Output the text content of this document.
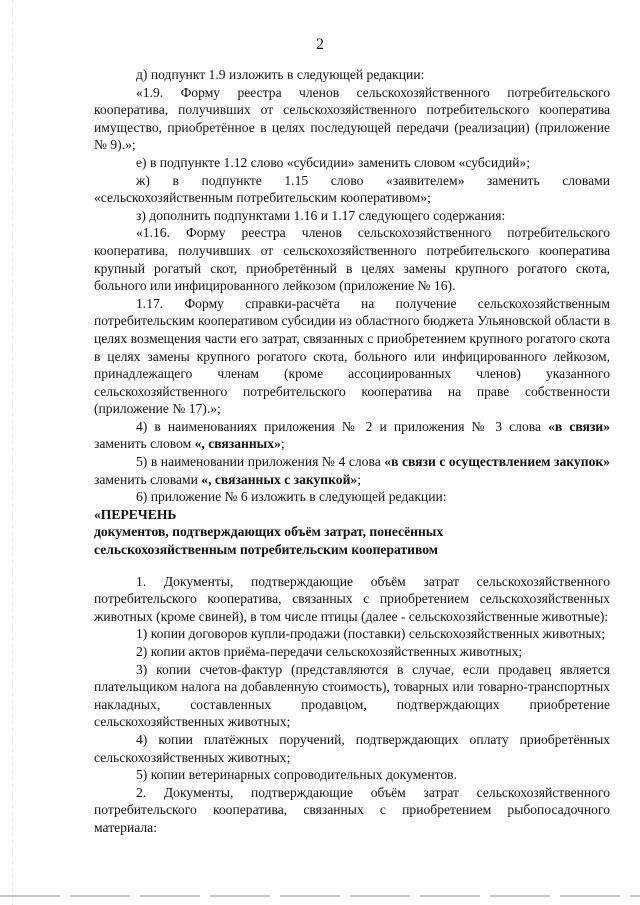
2

д) подпункт 1.9 изложить в следующей редакции:

«1.9. Форму реестра членов сельскохозяйственного потребительского кооператива, получивших от сельскохозяйственного потребительского кооператива имущество, приобретённое в целях последующей передачи (реализации) (приложение № 9).»;

е) в подпункте 1.12 слово «субсидии» заменить словом «субсидий»;

ж) в подпункте 1.15 слово «заявителем» заменить словами «сельскохозяйственным потребительским кооперативом»;

з) дополнить подпунктами 1.16 и 1.17 следующего содержания:

«1.16. Форму реестра членов сельскохозяйственного потребительского кооператива, получивших от сельскохозяйственного потребительского кооператива крупный рогатый скот, приобретённый в целях замены крупного рогатого скота, больного или инфицированного лейкозом (приложение № 16).

1.17. Форму справки-расчёта на получение сельскохозяйственным потребительским кооперативом субсидии из областного бюджета Ульяновской области в целях возмещения части его затрат, связанных с приобретением крупного рогатого скота в целях замены крупного рогатого скота, больного или инфицированного лейкозом, принадлежащего членам (кроме ассоциированных членов) указанного сельскохозяйственного потребительского кооператива на праве собственности (приложение № 17).»;

4) в наименованиях приложения № 2 и приложения № 3 слова «в связи» заменить словом «, связанных»;

5) в наименовании приложения № 4 слова «в связи с осуществлением закупок» заменить словами «, связанных с закупкой»;

6) приложение № 6 изложить в следующей редакции:

«ПЕРЕЧЕНЬ

документов, подтверждающих объём затрат, понесённых

сельскохозяйственным потребительским кооперативом

1. Документы, подтверждающие объём затрат сельскохозяйственного потребительского кооператива, связанных с приобретением сельскохозяйственных животных (кроме свиней), в том числе птицы (далее - сельскохозяйственные животные):

1) копии договоров купли-продажи (поставки) сельскохозяйственных животных;

2) копии актов приёма-передачи сельскохозяйственных животных;

3) копии счетов-фактур (представляются в случае, если продавец является плательщиком налога на добавленную стоимость), товарных или товарно-транспортных накладных, составленных продавцом, подтверждающих приобретение сельскохозяйственных животных;

4) копии платёжных поручений, подтверждающих оплату приобретённых сельскохозяйственных животных;

5) копии ветеринарных сопроводительных документов.

2. Документы, подтверждающие объём затрат сельскохозяйственного потребительского кооператива, связанных с приобретением рыбопосадочного материала:
